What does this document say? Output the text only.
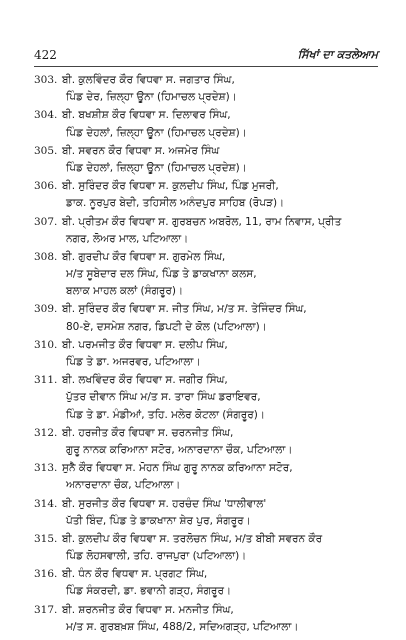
422	ਸਿੱਖਾਂ ਦਾ ਕਤਲੇਆਮ
303. ਬੀ. ਕੁਲਵਿੰਦਰ ਕੌਰ ਵਿਧਵਾ ਸ. ਜਗਤਾਰ ਸਿੰਘ,
ਪਿੰਡ ਦੇਰ, ਜ਼ਿਲ੍ਹਾ ਊਨਾ (ਹਿਮਾਚਲ ਪ੍ਰਦੇਸ਼)।
304. ਬੀ. ਬਖਸ਼ੀਸ਼ ਕੌਰ ਵਿਧਵਾ ਸ. ਦਿਲਾਵਰ ਸਿੰਘ,
ਪਿੰਡ ਦੇਹਲਾਂ, ਜ਼ਿਲ੍ਹਾ ਊਨਾ (ਹਿਮਾਚਲ ਪ੍ਰਦੇਸ਼)।
305. ਬੀ. ਸਵਰਨ ਕੌਰ ਵਿਧਵਾ ਸ. ਅਜਮੇਰ ਸਿੰਘ
ਪਿੰਡ ਦੇਹਲਾਂ, ਜ਼ਿਲ੍ਹਾ ਊਨਾ (ਹਿਮਾਚਲ ਪ੍ਰਦੇਸ਼)।
306. ਬੀ. ਸੁਰਿੰਦਰ ਕੌਰ ਵਿਧਵਾ ਸ. ਕੁਲਦੀਪ ਸਿੰਘ, ਪਿੰਡ ਮੁਜਰੀ,
ਡਾਕ. ਨੂਰਪੁਰ ਬੇਦੀ, ਤਹਿਸੀਲ ਅਨੰਦਪੁਰ ਸਾਹਿਬ (ਰੋਪੜ)।
307. ਬੀ. ਪ੍ਰੀਤਮ ਕੌਰ ਵਿਧਵਾ ਸ. ਗੁਰਬਚਨ ਅਬਰੋਲ, 11, ਰਾਮ ਨਿਵਾਸ, ਪ੍ਰੀਤ
ਨਗਰ, ਲੋਅਰ ਮਾਲ, ਪਟਿਆਲਾ।
308. ਬੀ. ਗੁਰਦੀਪ ਕੌਰ ਵਿਧਵਾ ਸ. ਗੁਰਮੇਲ ਸਿੰਘ,
ਮ/ਤ ਸੂਬੇਦਾਰ ਦਲ ਸਿੰਘ, ਪਿੰਡ ਤੇ ਡਾਕਖਾਨਾ ਕਲਸ,
ਬਲਾਕ ਮਾਹਲ ਕਲਾਂ (ਸੰਗਰੂਰ)।
309. ਬੀ. ਸੁਰਿੰਦਰ ਕੌਰ ਵਿਧਵਾ ਸ. ਜੀਤ ਸਿੰਘ, ਮ/ਤ ਸ. ਤੇਜਿੰਦਰ ਸਿੰਘ,
80-ਏ, ਦਸਮੇਸ਼ ਨਗਰ, ਡਿਪਟੀ ਦੇ ਕੋਲ (ਪਟਿਆਲਾ)।
310. ਬੀ. ਪਰਮਜੀਤ ਕੌਰ ਵਿਧਵਾ ਸ. ਦਲੀਪ ਸਿੰਘ,
ਪਿੰਡ ਤੇ ਡਾ. ਅਜਰਵਰ, ਪਟਿਆਲਾ।
311. ਬੀ. ਲਖਵਿੰਦਰ ਕੌਰ ਵਿਧਵਾ ਸ. ਜਗੀਰ ਸਿੰਘ,
ਪੁੱਤਰ ਦੀਵਾਨ ਸਿੰਘ ਮ/ਤ ਸ. ਤਾਰਾ ਸਿੰਘ ਡਰਾਇਵਰ,
ਪਿੰਡ ਤੇ ਡਾ. ਮੰਡੀਆਂ, ਤਹਿ. ਮਲੇਰ ਕੋਟਲਾ (ਸੰਗਰੂਰ)।
312. ਬੀ. ਹਰਜੀਤ ਕੌਰ ਵਿਧਵਾ ਸ. ਚਰਨਜੀਤ ਸਿੰਘ,
ਗੁਰੂ ਨਾਨਕ ਕਰਿਆਨਾ ਸਟੋਰ, ਅਨਾਰਦਾਨਾ ਚੌਕ, ਪਟਿਆਲਾ।
313. ਸੁਨੈ ਕੌਰ ਵਿਧਵਾ ਸ. ਮੋਹਨ ਸਿੰਘ ਗੁਰੂ ਨਾਨਕ ਕਰਿਆਨਾ ਸਟੋਰ,
ਅਨਾਰਦਾਨਾ ਚੌਕ, ਪਟਿਆਲਾ।
314. ਬੀ. ਸੁਰਜੀਤ ਕੌਰ ਵਿਧਵਾ ਸ. ਹਰਚੰਦ ਸਿੰਘ 'ਧਾਲੀਵਾਲ'
ਪੱਤੀ ਬਿੰਦ, ਪਿੰਡ ਤੇ ਡਾਕਖਾਨਾ ਸ਼ੇਰ ਪੁਰ, ਸੰਗਰੂਰ।
315. ਬੀ. ਕੁਲਦੀਪ ਕੌਰ ਵਿਧਵਾ ਸ. ਤਰਲੋਚਨ ਸਿੰਘ, ਮ/ਤ ਬੀਬੀ ਸਵਰਨ ਕੌਰ
ਪਿੰਡ ਲੋਹਸਵਾਲੀ, ਤਹਿ. ਰਾਜਪੁਰਾ (ਪਟਿਆਲਾ)।
316. ਬੀ. ਧੰਨ ਕੌਰ ਵਿਧਵਾ ਸ. ਪ੍ਰਗਟ ਸਿੰਘ,
ਪਿੰਡ ਸੰਕਰਦੀ, ਡਾ. ਭਵਾਨੀ ਗੜ੍ਹ, ਸੰਗਰੂਰ।
317. ਬੀ. ਸ਼ਰਨਜੀਤ ਕੌਰ ਵਿਧਵਾ ਸ. ਮਨਜੀਤ ਸਿੰਘ,
ਮ/ਤ ਸ. ਗੁਰਬਖ਼ਸ਼ ਸਿੰਘ, 488/2, ਸਦਿਅਗੜ੍ਹ, ਪਟਿਆਲਾ।
